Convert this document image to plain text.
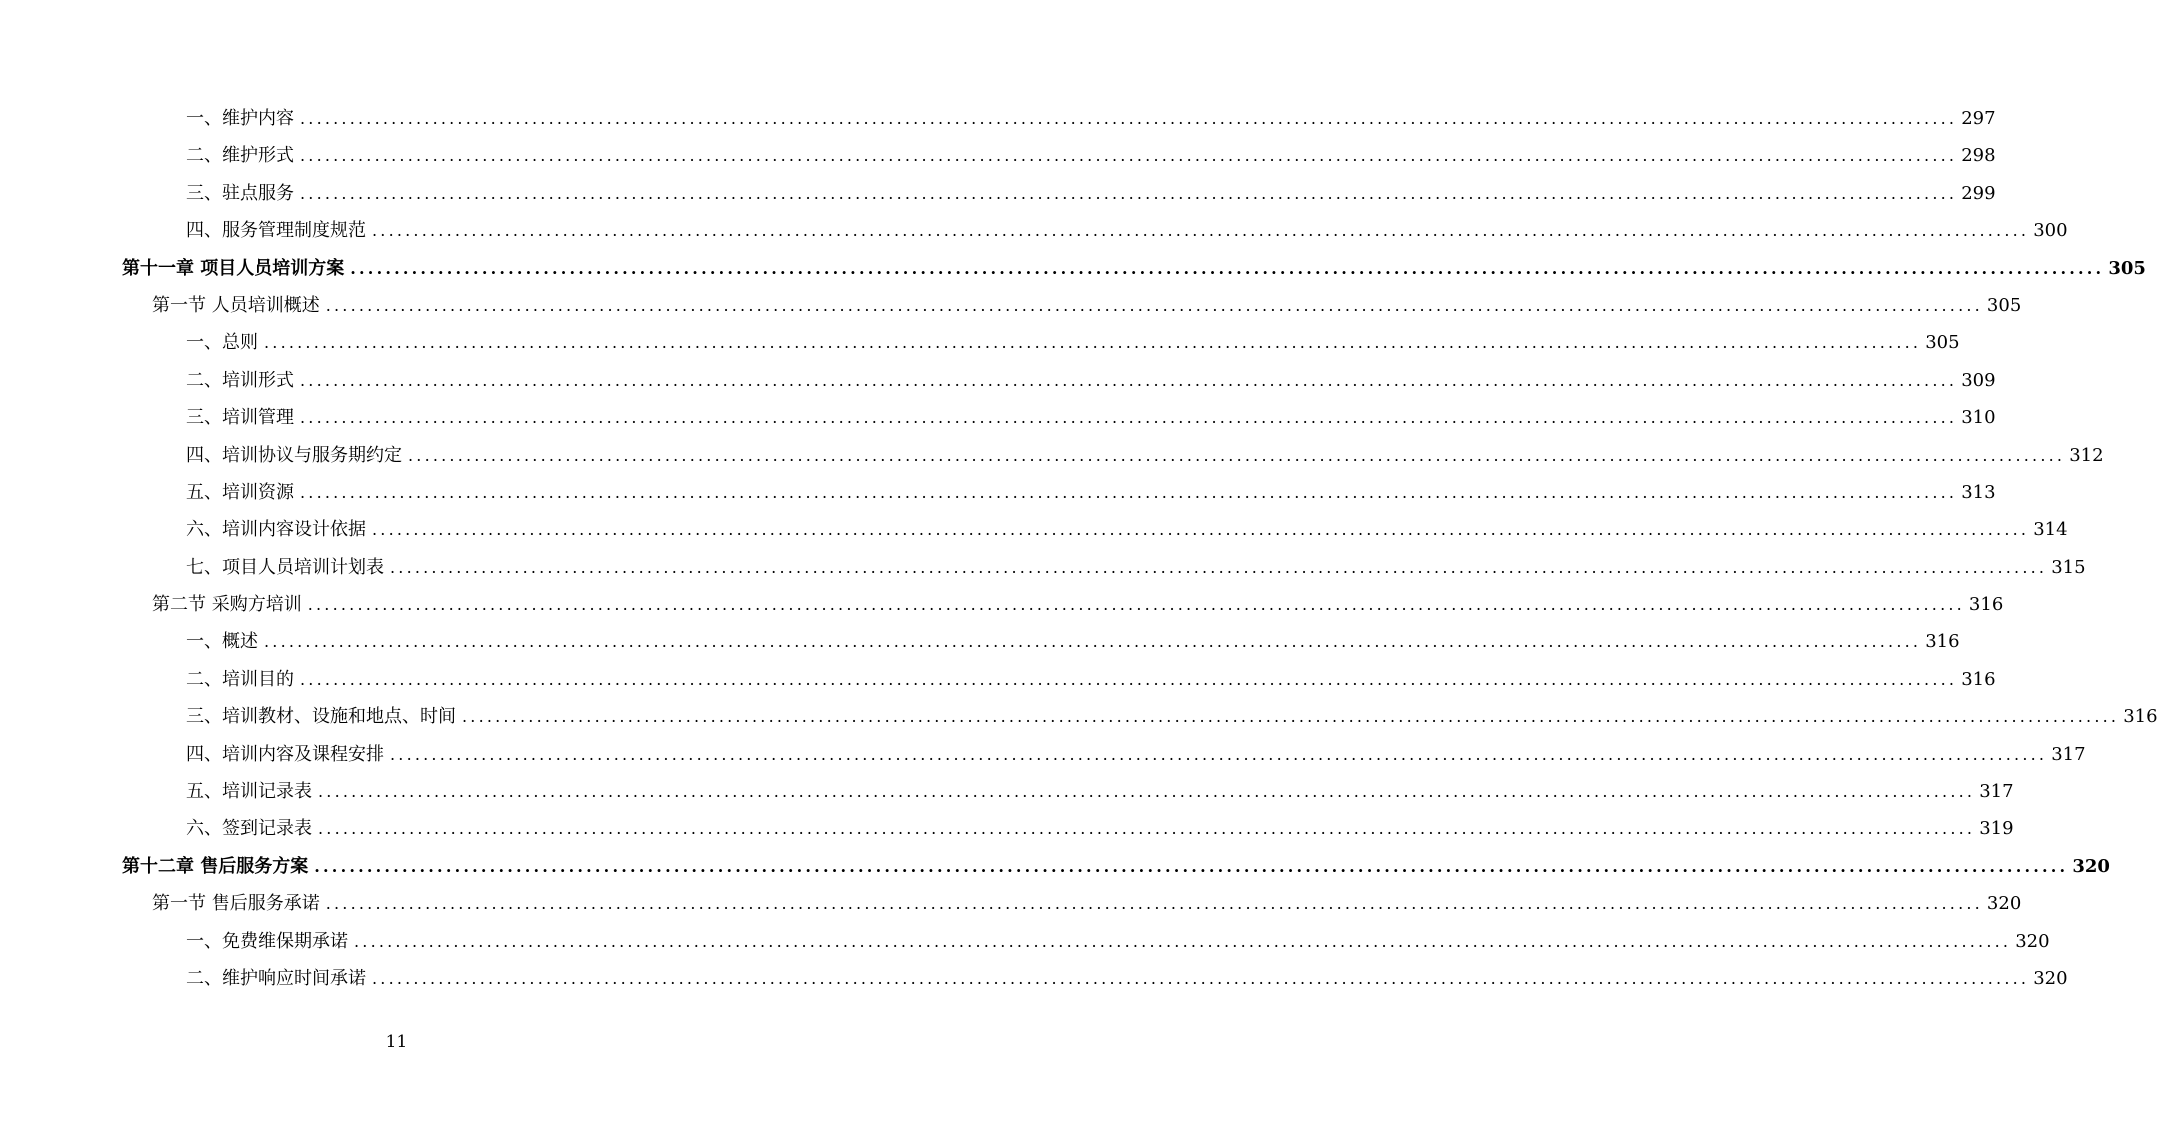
一、维护内容 ........................................................................................................................................................................................................ 297
二、维护形式 ........................................................................................................................................................................................................ 298
三、驻点服务 ........................................................................................................................................................................................................ 299
四、服务管理制度规范 ........................................................................................................................................................................................................ 300
第十一章 项目人员培训方案 ........................................................................................................................................................................................................ 305
第一节 人员培训概述 ........................................................................................................................................................................................................ 305
一、总则 ........................................................................................................................................................................................................ 305
二、培训形式 ........................................................................................................................................................................................................ 309
三、培训管理 ........................................................................................................................................................................................................ 310
四、培训协议与服务期约定 ........................................................................................................................................................................................................ 312
五、培训资源 ........................................................................................................................................................................................................ 313
六、培训内容设计依据 ........................................................................................................................................................................................................ 314
七、项目人员培训计划表 ........................................................................................................................................................................................................ 315
第二节 采购方培训 ........................................................................................................................................................................................................ 316
一、概述 ........................................................................................................................................................................................................ 316
二、培训目的 ........................................................................................................................................................................................................ 316
三、培训教材、设施和地点、时间 ........................................................................................................................................................................................................ 316
四、培训内容及课程安排 ........................................................................................................................................................................................................ 317
五、培训记录表 ........................................................................................................................................................................................................ 317
六、签到记录表 ........................................................................................................................................................................................................ 319
第十二章 售后服务方案 ........................................................................................................................................................................................................ 320
第一节 售后服务承诺 ........................................................................................................................................................................................................ 320
一、免费维保期承诺 ........................................................................................................................................................................................................ 320
二、维护响应时间承诺 ........................................................................................................................................................................................................ 320
11
